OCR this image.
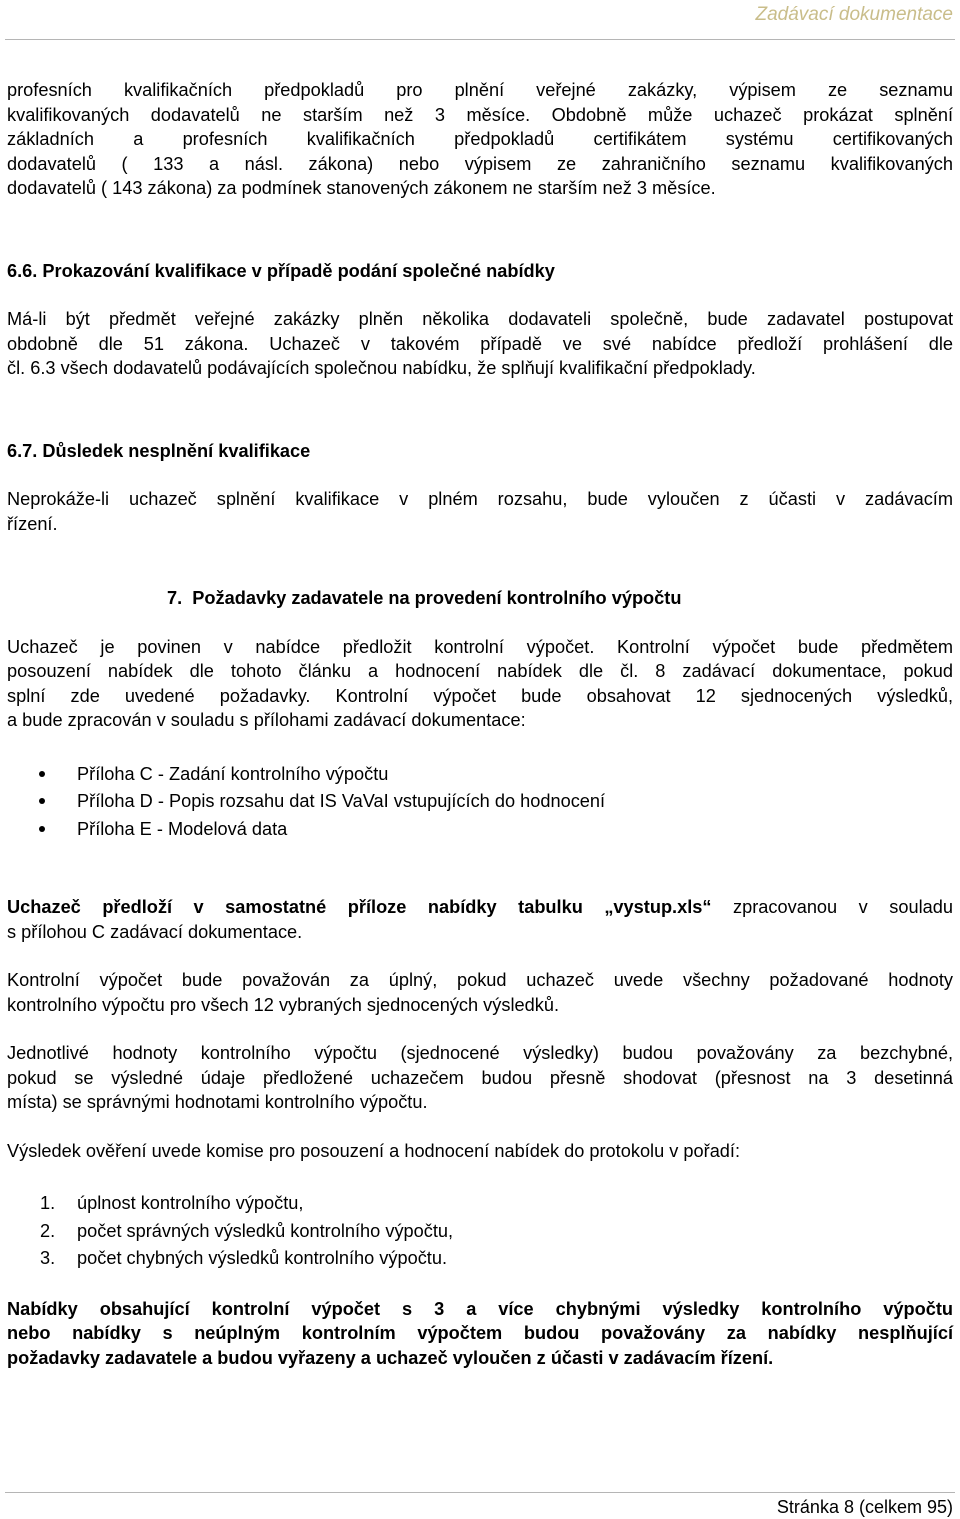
Zadávací dokumentace

profesních kvalifikačních předpokladů pro plnění veřejné zakázky, výpisem ze seznamu

kvalifikovaných dodavatelů ne starším než 3 měsíce. Obdobně může uchazeč prokázat splnění

základních a profesních kvalifikačních předpokladů certifikátem systému certifikovaných

dodavatelů ( 133 a násl. zákona) nebo výpisem ze zahraničního seznamu kvalifikovaných

dodavatelů ( 143 zákona) za podmínek stanovených zákonem ne starším než 3 měsíce.

6.6. Prokazování kvalifikace v případě podání společné nabídky

Má-li být předmět veřejné zakázky plněn několika dodavateli společně, bude zadavatel postupovat

obdobně dle 51 zákona. Uchazeč v takovém případě ve své nabídce předloží prohlášení dle

čl. 6.3 všech dodavatelů podávajících společnou nabídku, že splňují kvalifikační předpoklady.

6.7. Důsledek nesplnění kvalifikace

Neprokáže-li uchazeč splnění kvalifikace v plném rozsahu, bude vyloučen z účasti v zadávacím

řízení.

7. Požadavky zadavatele na provedení kontrolního výpočtu

Uchazeč je povinen v nabídce předložit kontrolní výpočet. Kontrolní výpočet bude předmětem

posouzení nabídek dle tohoto článku a hodnocení nabídek dle čl. 8 zadávací dokumentace, pokud

splní zde uvedené požadavky. Kontrolní výpočet bude obsahovat 12 sjednocených výsledků,

a bude zpracován v souladu s přílohami zadávací dokumentace:

Příloha C - Zadání kontrolního výpočtu
Příloha D - Popis rozsahu dat IS VaVaI vstupujících do hodnocení
Příloha E - Modelová data

Uchazeč předloží v samostatné příloze nabídky tabulku „vystup.xls“ zpracovanou v souladu

s přílohou C zadávací dokumentace.

Kontrolní výpočet bude považován za úplný, pokud uchazeč uvede všechny požadované hodnoty

kontrolního výpočtu pro všech 12 vybraných sjednocených výsledků.

Jednotlivé hodnoty kontrolního výpočtu (sjednocené výsledky) budou považovány za bezchybné,

pokud se výsledné údaje předložené uchazečem budou přesně shodovat (přesnost na 3 desetinná

místa) se správnými hodnotami kontrolního výpočtu.

Výsledek ověření uvede komise pro posouzení a hodnocení nabídek do protokolu v pořadí:

1. úplnost kontrolního výpočtu,
2. počet správných výsledků kontrolního výpočtu,
3. počet chybných výsledků kontrolního výpočtu.

Nabídky obsahující kontrolní výpočet s 3 a více chybnými výsledky kontrolního výpočtu

nebo nabídky s neúplným kontrolním výpočtem budou považovány za nabídky nesplňující

požadavky zadavatele a budou vyřazeny a uchazeč vyloučen z účasti v zadávacím řízení.

Stránka 8 (celkem 95)
